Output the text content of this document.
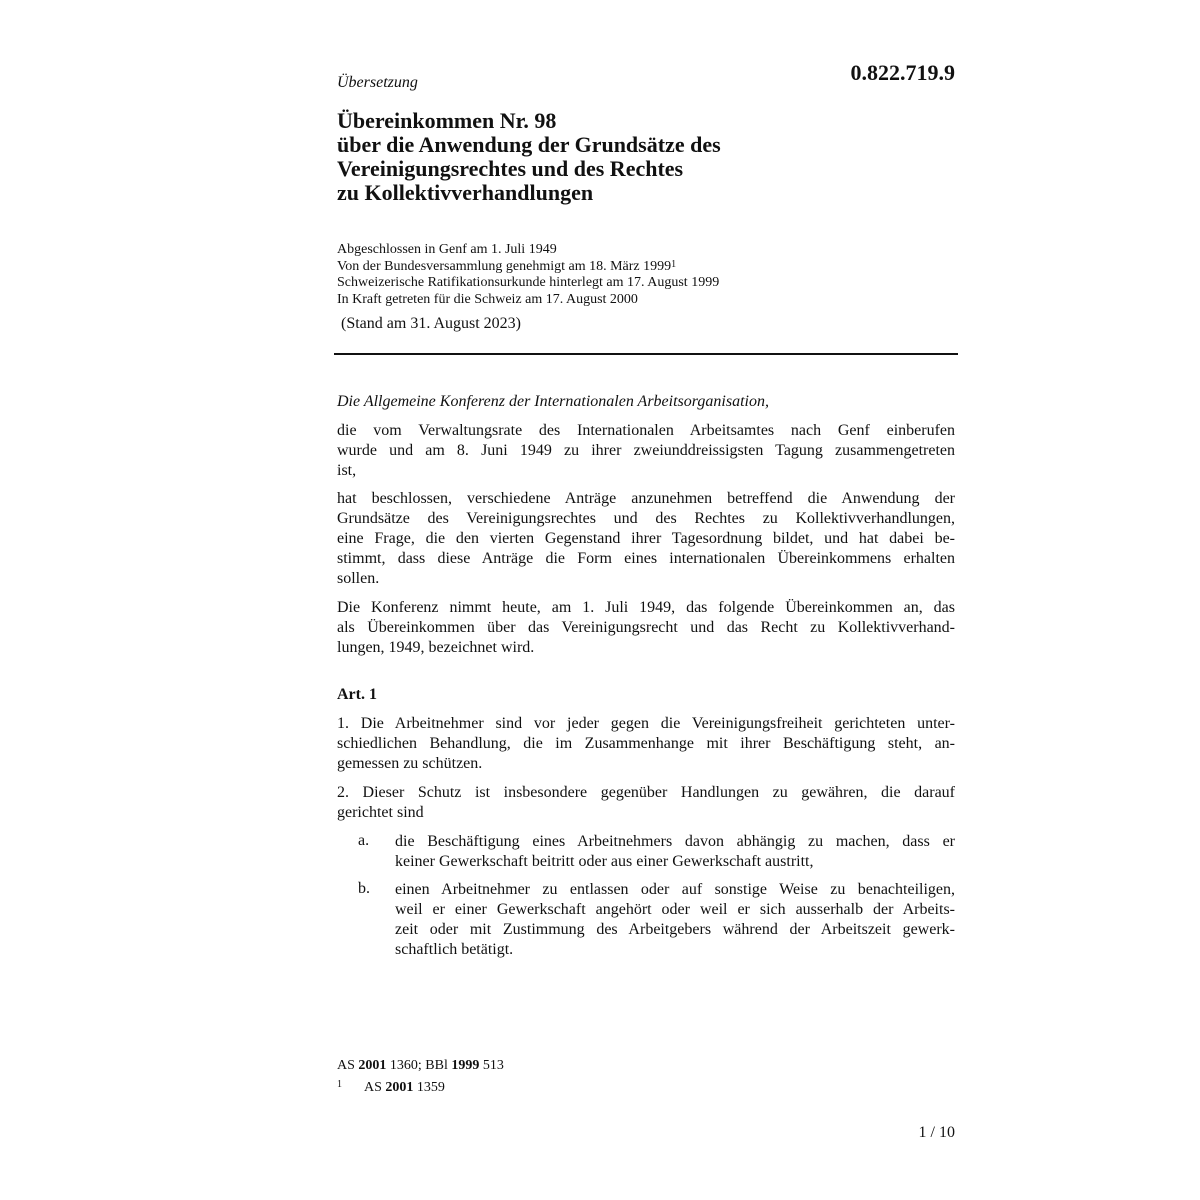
0.822.719.9
Übersetzung
Übereinkommen Nr. 98
über die Anwendung der Grundsätze des
Vereinigungsrechtes und des Rechtes
zu Kollektivverhandlungen
Abgeschlossen in Genf am 1. Juli 1949
Von der Bundesversammlung genehmigt am 18. März 1999$^1$
Schweizerische Ratifikationsurkunde hinterlegt am 17. August 1999
In Kraft getreten für die Schweiz am 17. August 2000
(Stand am 31. August 2023)
Die Allgemeine Konferenz der Internationalen Arbeitsorganisation,
die vom Verwaltungsrate des Internationalen Arbeitsamtes nach Genf einberufen
wurde und am 8. Juni 1949 zu ihrer zweiunddreissigsten Tagung zusammengetreten
ist,
hat beschlossen, verschiedene Anträge anzunehmen betreffend die Anwendung der
Grundsätze des Vereinigungsrechtes und des Rechtes zu Kollektivverhandlungen,
eine Frage, die den vierten Gegenstand ihrer Tagesordnung bildet, und hat dabei be-
stimmt, dass diese Anträge die Form eines internationalen Übereinkommens erhalten
sollen.
Die Konferenz nimmt heute, am 1. Juli 1949, das folgende Übereinkommen an, das
als Übereinkommen über das Vereinigungsrecht und das Recht zu Kollektivverhand-
lungen, 1949, bezeichnet wird.
Art. 1
1. Die Arbeitnehmer sind vor jeder gegen die Vereinigungsfreiheit gerichteten unter-
schiedlichen Behandlung, die im Zusammenhange mit ihrer Beschäftigung steht, an-
gemessen zu schützen.
2. Dieser Schutz ist insbesondere gegenüber Handlungen zu gewähren, die darauf
gerichtet sind
a. die Beschäftigung eines Arbeitnehmers davon abhängig zu machen, dass er
keiner Gewerkschaft beitritt oder aus einer Gewerkschaft austritt,
b. einen Arbeitnehmer zu entlassen oder auf sonstige Weise zu benachteiligen,
weil er einer Gewerkschaft angehört oder weil er sich ausserhalb der Arbeits-
zeit oder mit Zustimmung des Arbeitgebers während der Arbeitszeit gewerk-
schaftlich betätigt.
AS 2001 1360; BBl 1999 513
$^1$ AS 2001 1359
1 / 10
